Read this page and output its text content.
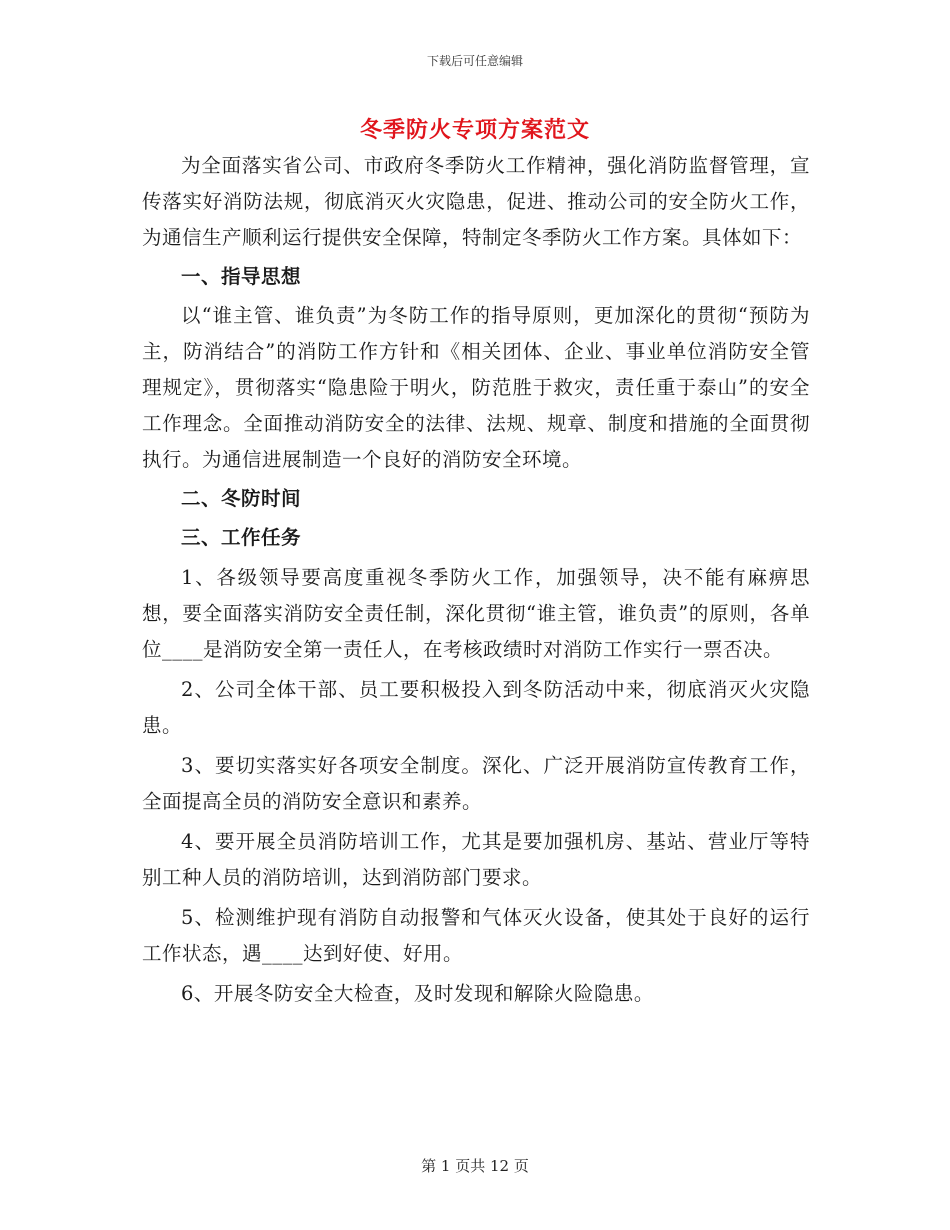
下载后可任意编辑
冬季防火专项方案范文

为全面落实省公司、市政府冬季防火工作精神，强化消防监督管理，宣传落实好消防法规，彻底消灭火灾隐患，促进、推动公司的安全防火工作，为通信生产顺利运行提供安全保障，特制定冬季防火工作方案。具体如下：

一、指导思想

以“谁主管、谁负责”为冬防工作的指导原则，更加深化的贯彻“预防为主，防消结合”的消防工作方针和《相关团体、企业、事业单位消防安全管理规定》，贯彻落实“隐患险于明火，防范胜于救灾，责任重于泰山”的安全工作理念。全面推动消防安全的法律、法规、规章、制度和措施的全面贯彻执行。为通信进展制造一个良好的消防安全环境。

二、冬防时间

三、工作任务

1、各级领导要高度重视冬季防火工作，加强领导，决不能有麻痹思想，要全面落实消防安全责任制，深化贯彻“谁主管，谁负责”的原则，各单位____是消防安全第一责任人，在考核政绩时对消防工作实行一票否决。

2、公司全体干部、员工要积极投入到冬防活动中来，彻底消灭火灾隐患。

3、要切实落实好各项安全制度。深化、广泛开展消防宣传教育工作，全面提高全员的消防安全意识和素养。

4、要开展全员消防培训工作，尤其是要加强机房、基站、营业厅等特别工种人员的消防培训，达到消防部门要求。

5、检测维护现有消防自动报警和气体灭火设备，使其处于良好的运行工作状态，遇____达到好使、好用。

6、开展冬防安全大检查，及时发现和解除火险隐患。

第 1 页共 12 页
